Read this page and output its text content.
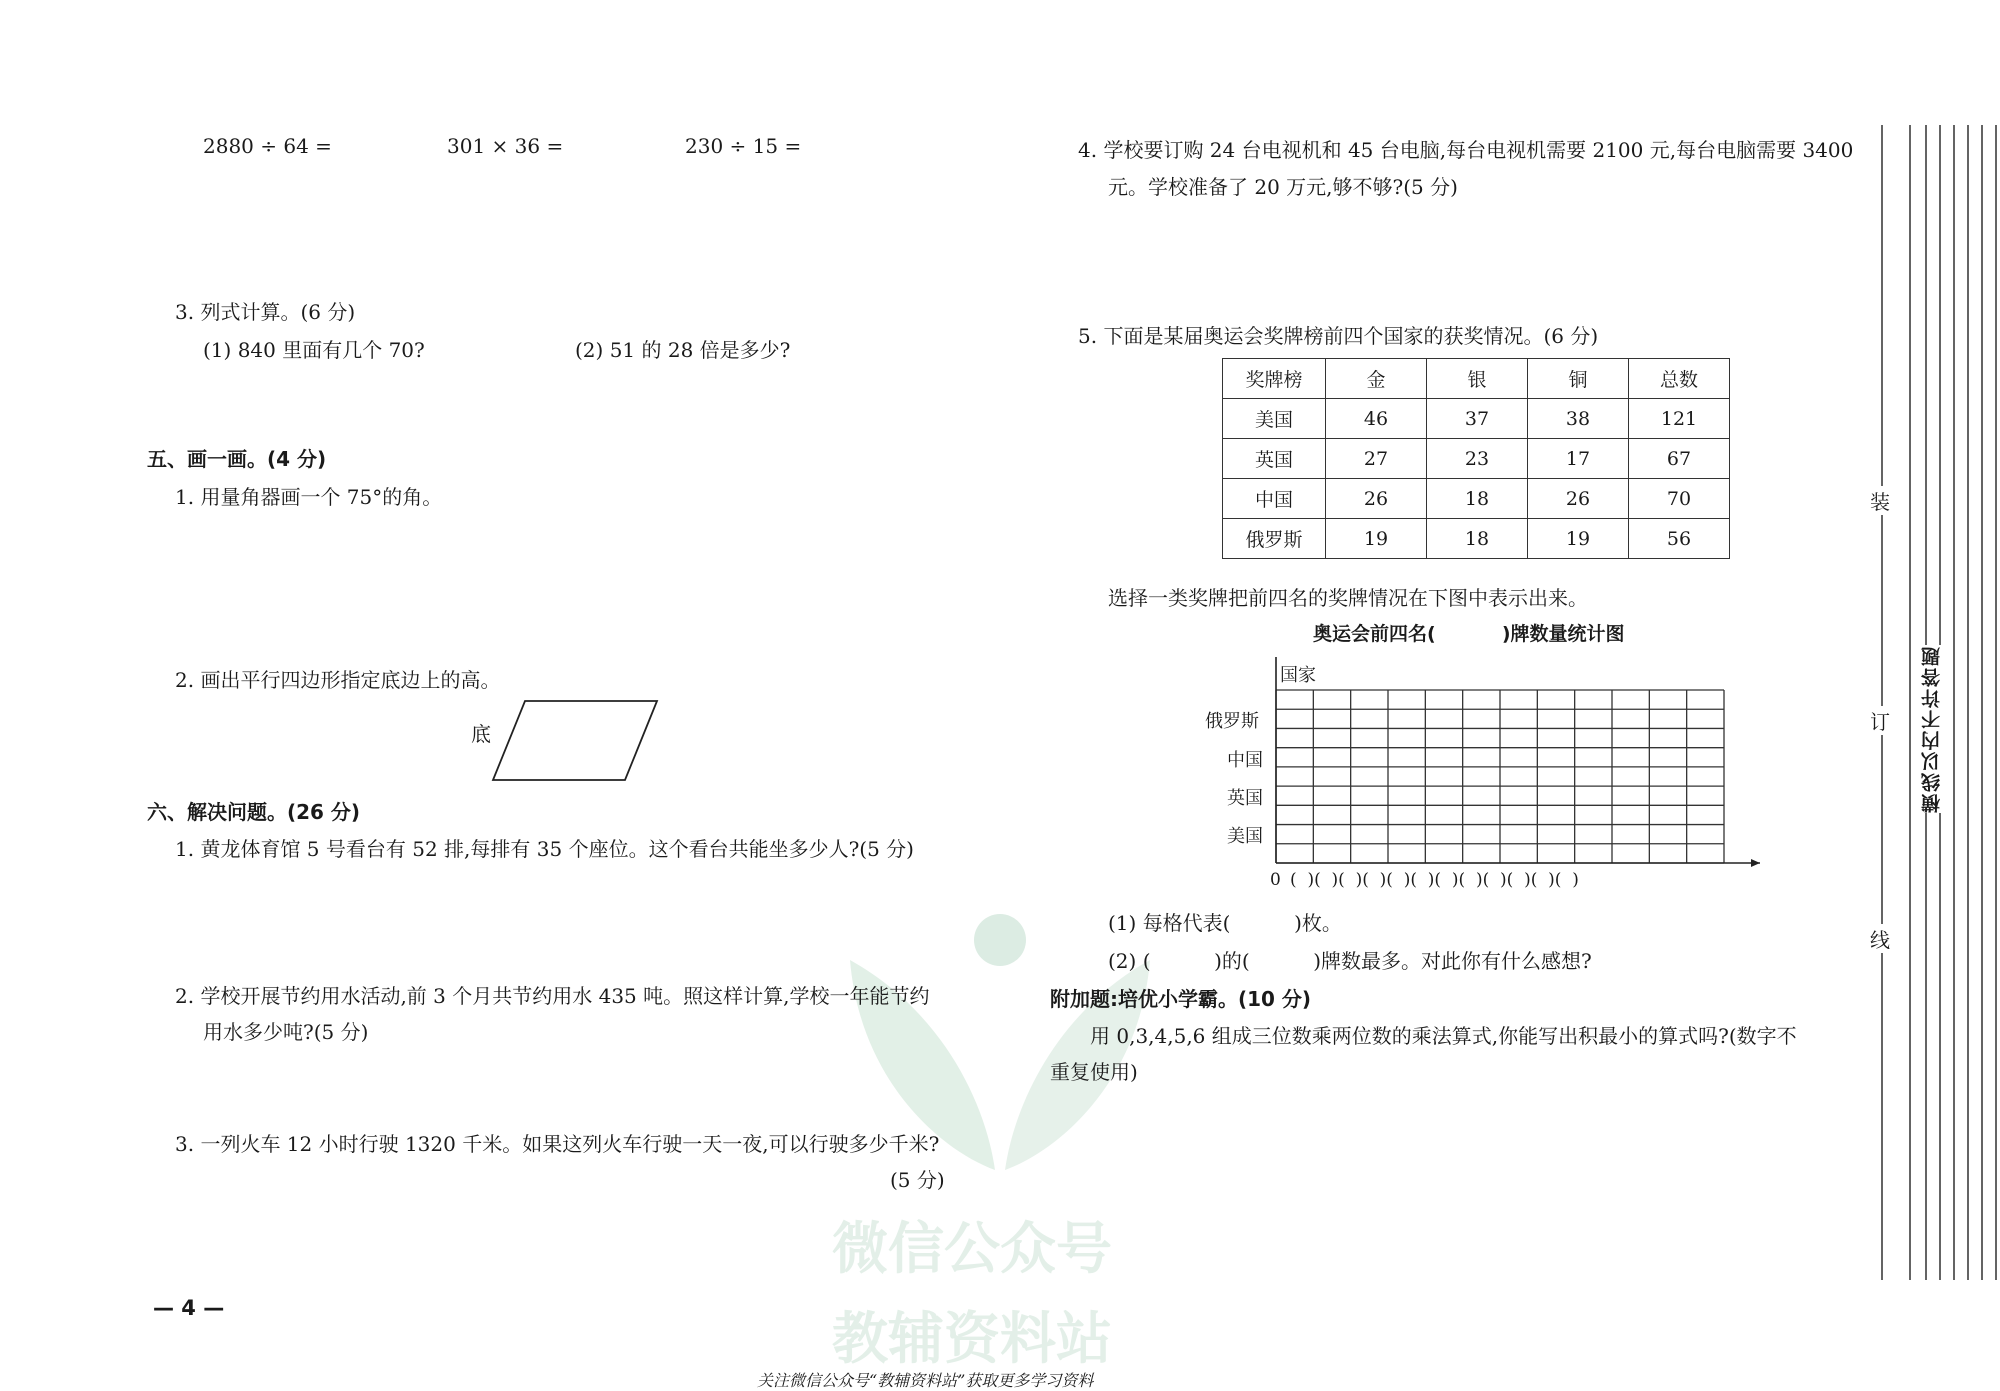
微信公众号
教辅资料站
2880 ÷ 64 =	301 × 36 =	230 ÷ 15 =
3. 列式计算。(6 分)
(1) 840 里面有几个 70?	(2) 51 的 28 倍是多少?
五、画一画。(4 分)
1. 用量角器画一个 75°的角。
2. 画出平行四边形指定底边上的高。
底
六、解决问题。(26 分)
1. 黄龙体育馆 5 号看台有 52 排,每排有 35 个座位。这个看台共能坐多少人?(5 分)
2. 学校开展节约用水活动,前 3 个月共节约用水 435 吨。照这样计算,学校一年能节约
用水多少吨?(5 分)
3. 一列火车 12 小时行驶 1320 千米。如果这列火车行驶一天一夜,可以行驶多少千米?
(5 分)
— 4 —
4. 学校要订购 24 台电视机和 45 台电脑,每台电视机需要 2100 元,每台电脑需要 3400
元。学校准备了 20 万元,够不够?(5 分)
5. 下面是某届奥运会奖牌榜前四个国家的获奖情况。(6 分)
奖牌榜	金	银	铜	总数
美国	46	37	38	121
英国	27	23	17	67
中国	26	18	26	70
俄罗斯	19	18	19	56
选择一类奖牌把前四名的奖牌情况在下图中表示出来。
奥运会前四名(          )牌数量统计图
国家
俄罗斯
中国
英国
美国
0 (  )(  )(  )(  )(  )(  )(  )(  )(  )(  )(  )(  )
(1) 每格代表(          )枚。
(2) (          )的(          )牌数最多。对此你有什么感想?
附加题:培优小学霸。(10 分)
用 0,3,4,5,6 组成三位数乘两位数的乘法算式,你能写出积最小的算式吗?(数字不
重复使用)
装
订
线
横线以内不许答题
关注微信公众号“教辅资料站”获取更多学习资料
